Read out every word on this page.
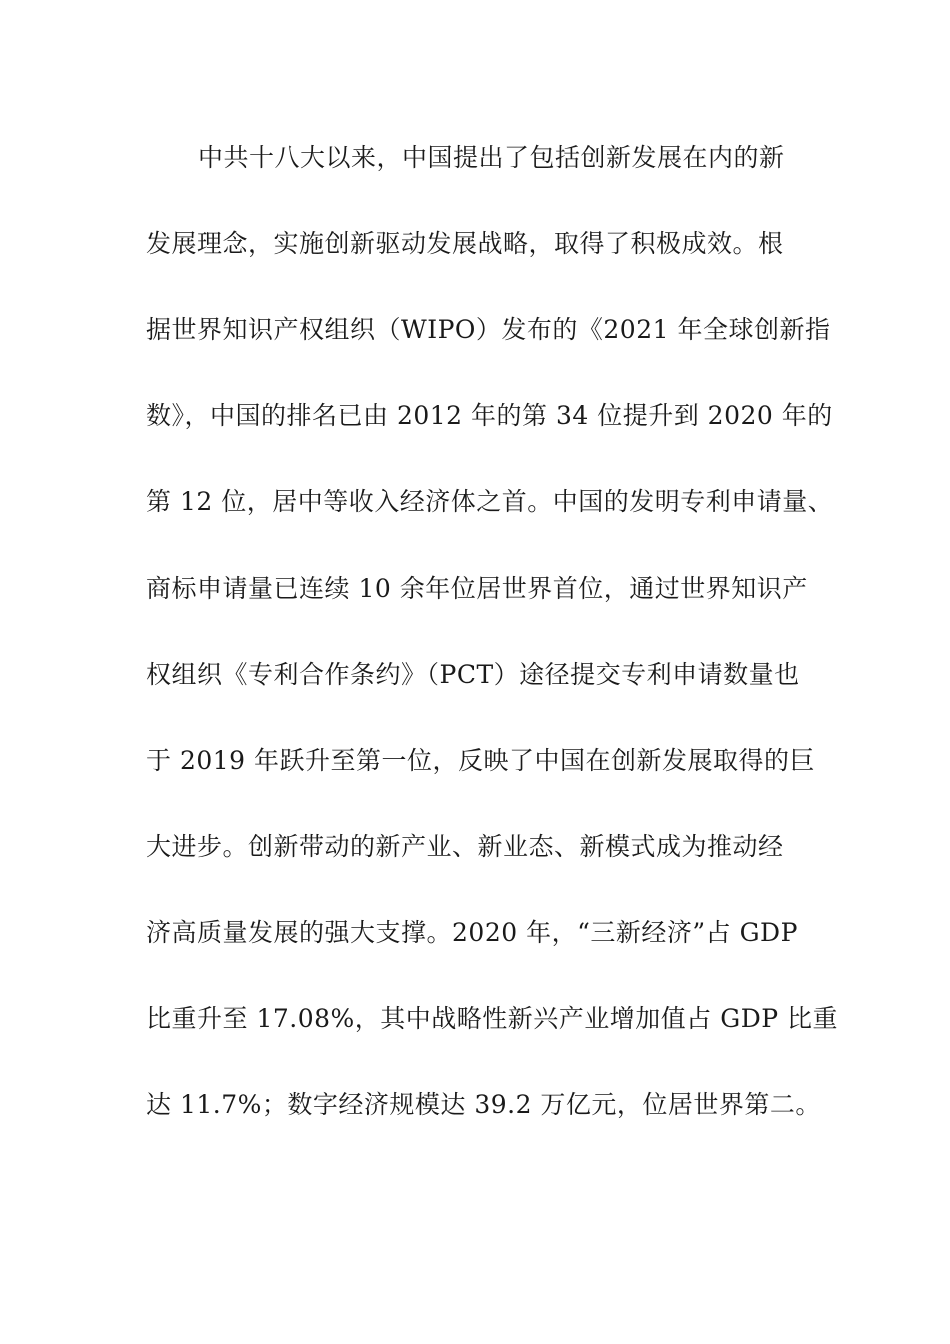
中共十八大以来，中国提出了包括创新发展在内的新
发展理念，实施创新驱动发展战略，取得了积极成效。根
据世界知识产权组织（WIPO）发布的《2021 年全球创新指
数》，中国的排名已由 2012 年的第 34 位提升到 2020 年的
第 12 位，居中等收入经济体之首。中国的发明专利申请量、
商标申请量已连续 10 余年位居世界首位，通过世界知识产
权组织《专利合作条约》（PCT）途径提交专利申请数量也
于 2019 年跃升至第一位，反映了中国在创新发展取得的巨
大进步。创新带动的新产业、新业态、新模式成为推动经
济高质量发展的强大支撑。2020 年，“三新经济”占 GDP
比重升至 17.08%，其中战略性新兴产业增加值占 GDP 比重
达 11.7%；数字经济规模达 39.2 万亿元，位居世界第二。
